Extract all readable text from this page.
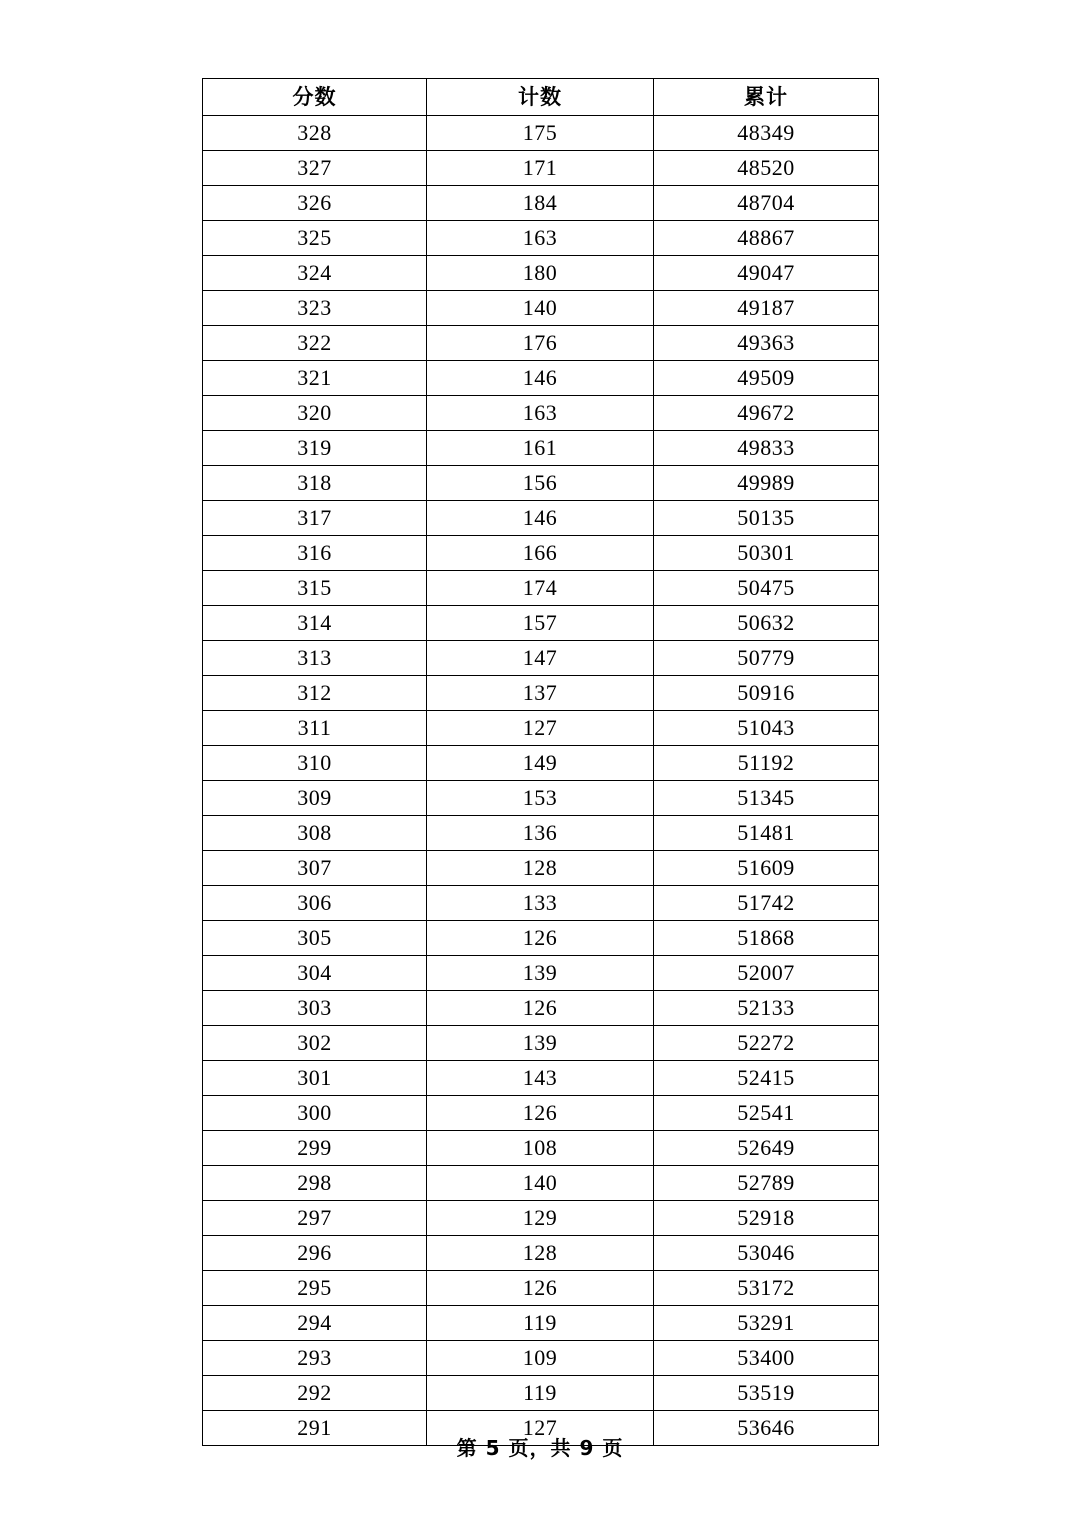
分数	计数	累计
328	175	48349
327	171	48520
326	184	48704
325	163	48867
324	180	49047
323	140	49187
322	176	49363
321	146	49509
320	163	49672
319	161	49833
318	156	49989
317	146	50135
316	166	50301
315	174	50475
314	157	50632
313	147	50779
312	137	50916
311	127	51043
310	149	51192
309	153	51345
308	136	51481
307	128	51609
306	133	51742
305	126	51868
304	139	52007
303	126	52133
302	139	52272
301	143	52415
300	126	52541
299	108	52649
298	140	52789
297	129	52918
296	128	53046
295	126	53172
294	119	53291
293	109	53400
292	119	53519
291	127	53646
第 5 页，共 9 页
